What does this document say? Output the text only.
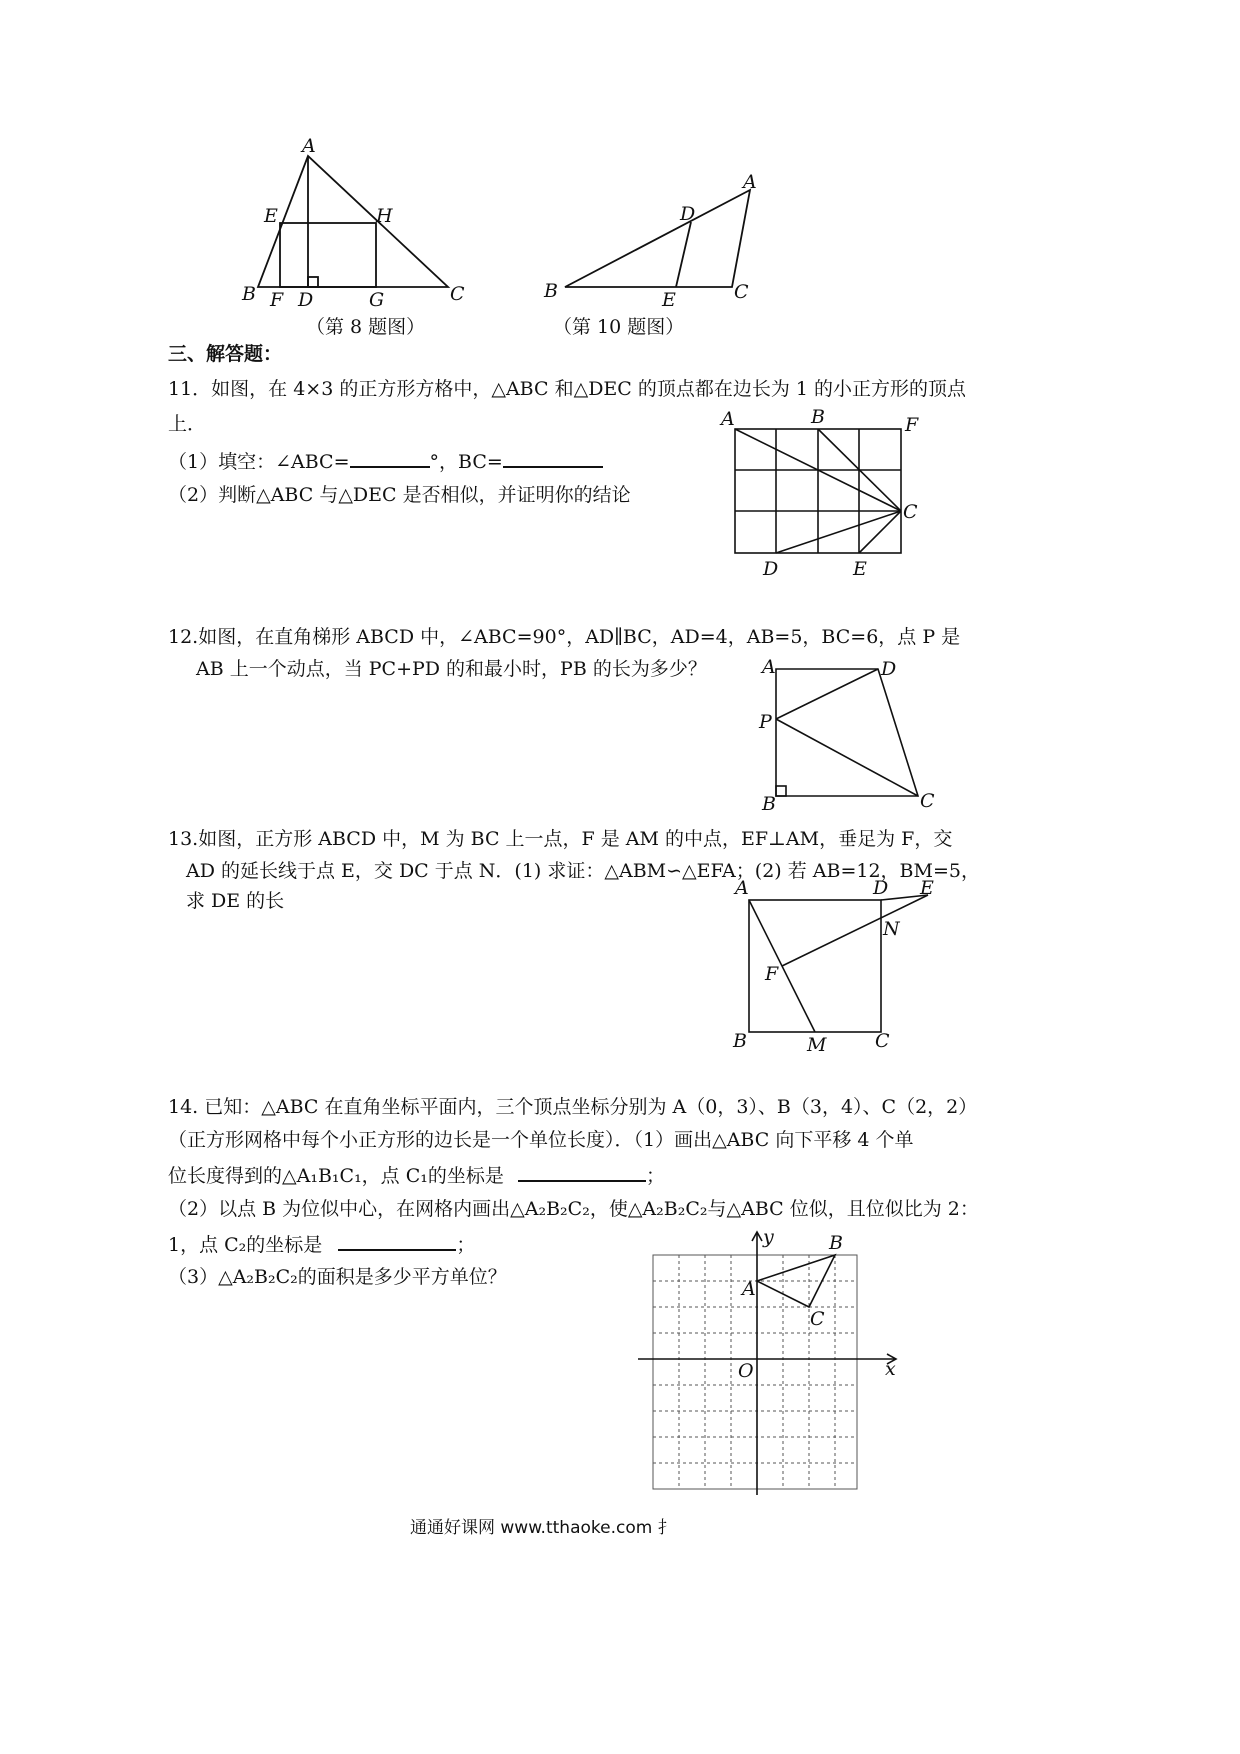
A
E	H
B F D	G	C
（第 8 题图）
A
D
E	C
B
（第 10 题图）
三、解答题：
11．如图，在 4×3 的正方形方格中，△ABC 和△DEC 的顶点都在边长为 1 的小正方形的顶点
上．
（1）填空：∠ABC=	°，BC=
（2）判断△ABC 与△DEC 是否相似，并证明你的结论
A	B	F
C
D	E
12.如图，在直角梯形 ABCD 中，∠ABC=90°，AD∥BC，AD=4，AB=5，BC=6，点 P 是
AB 上一个动点，当 PC+PD 的和最小时，PB 的长为多少？	A	D
P
B	C
13.如图，正方形 ABCD 中，M 为 BC 上一点，F 是 AM 的中点，EF⊥AM，垂足为 F，交
AD 的延长线于点 E，交 DC 于点 N．(1) 求证：△ABM∽△EFA；(2) 若 AB=12，BM=5，
求 DE 的长
A	D E
N
F
B	M	C
14. 已知：△ABC 在直角坐标平面内，三个顶点坐标分别为 A（0，3）、B（3，4）、C（2，2）
（正方形网格中每个小正方形的边长是一个单位长度）．（1）画出△ABC 向下平移 4 个单
位长度得到的△A₁B₁C₁，点 C₁的坐标是	；
（2）以点 B 为位似中心，在网格内画出△A₂B₂C₂，使△A₂B₂C₂与△ABC 位似，且位似比为 2：
1，点 C₂的坐标是	；
（3）△A₂B₂C₂的面积是多少平方单位？
y
x
O
A
B
C
通通好课网 www.tthaoke.com 扌
